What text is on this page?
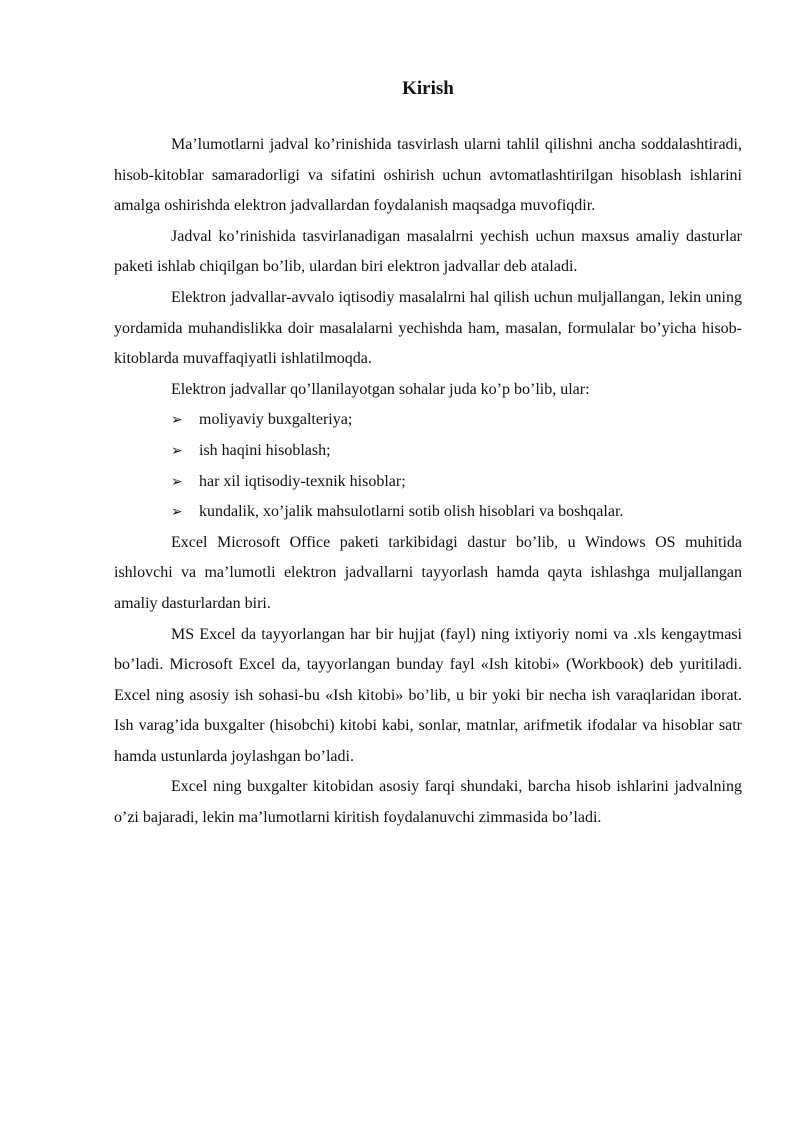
Kirish

Ma’lumotlarni jadval ko’rinishida tasvirlash ularni tahlil qilishni ancha soddalashtiradi, hisob-kitoblar samaradorligi va sifatini oshirish uchun avtomatlashtirilgan hisoblash ishlarini amalga oshirishda elektron jadvallardan foydalanish maqsadga muvofiqdir.

Jadval ko’rinishida tasvirlanadigan masalalrni yechish uchun maxsus amaliy dasturlar paketi ishlab chiqilgan bo’lib, ulardan biri elektron jadvallar deb ataladi.

Elektron jadvallar-avvalo iqtisodiy masalalrni hal qilish uchun muljallangan, lekin uning yordamida muhandislikka doir masalalarni yechishda ham, masalan, formulalar bo’yicha hisob-kitoblarda muvaffaqiyatli ishlatilmoqda.

Elektron jadvallar qo’llanilayotgan sohalar juda ko’p bo’lib, ular:

➢ moliyaviy buxgalteriya;
➢ ish haqini hisoblash;
➢ har xil iqtisodiy-texnik hisoblar;
➢ kundalik, xo’jalik mahsulotlarni sotib olish hisoblari va boshqalar.

Excel Microsoft Office paketi tarkibidagi dastur bo’lib, u Windows OS muhitida ishlovchi va ma’lumotli elektron jadvallarni tayyorlash hamda qayta ishlashga muljallangan amaliy dasturlardan biri.

MS Excel da tayyorlangan har bir hujjat (fayl) ning ixtiyoriy nomi va .xls kengaytmasi bo’ladi. Microsoft Excel da, tayyorlangan bunday fayl «Ish kitobi» (Workbook) deb yuritiladi. Excel ning asosiy ish sohasi-bu «Ish kitobi» bo’lib, u bir yoki bir necha ish varaqlaridan iborat. Ish varag’ida buxgalter (hisobchi) kitobi kabi, sonlar, matnlar, arifmetik ifodalar va hisoblar satr hamda ustunlarda joylashgan bo’ladi.

Excel ning buxgalter kitobidan asosiy farqi shundaki, barcha hisob ishlarini jadvalning o’zi bajaradi, lekin ma’lumotlarni kiritish foydalanuvchi zimmasida bo’ladi.
